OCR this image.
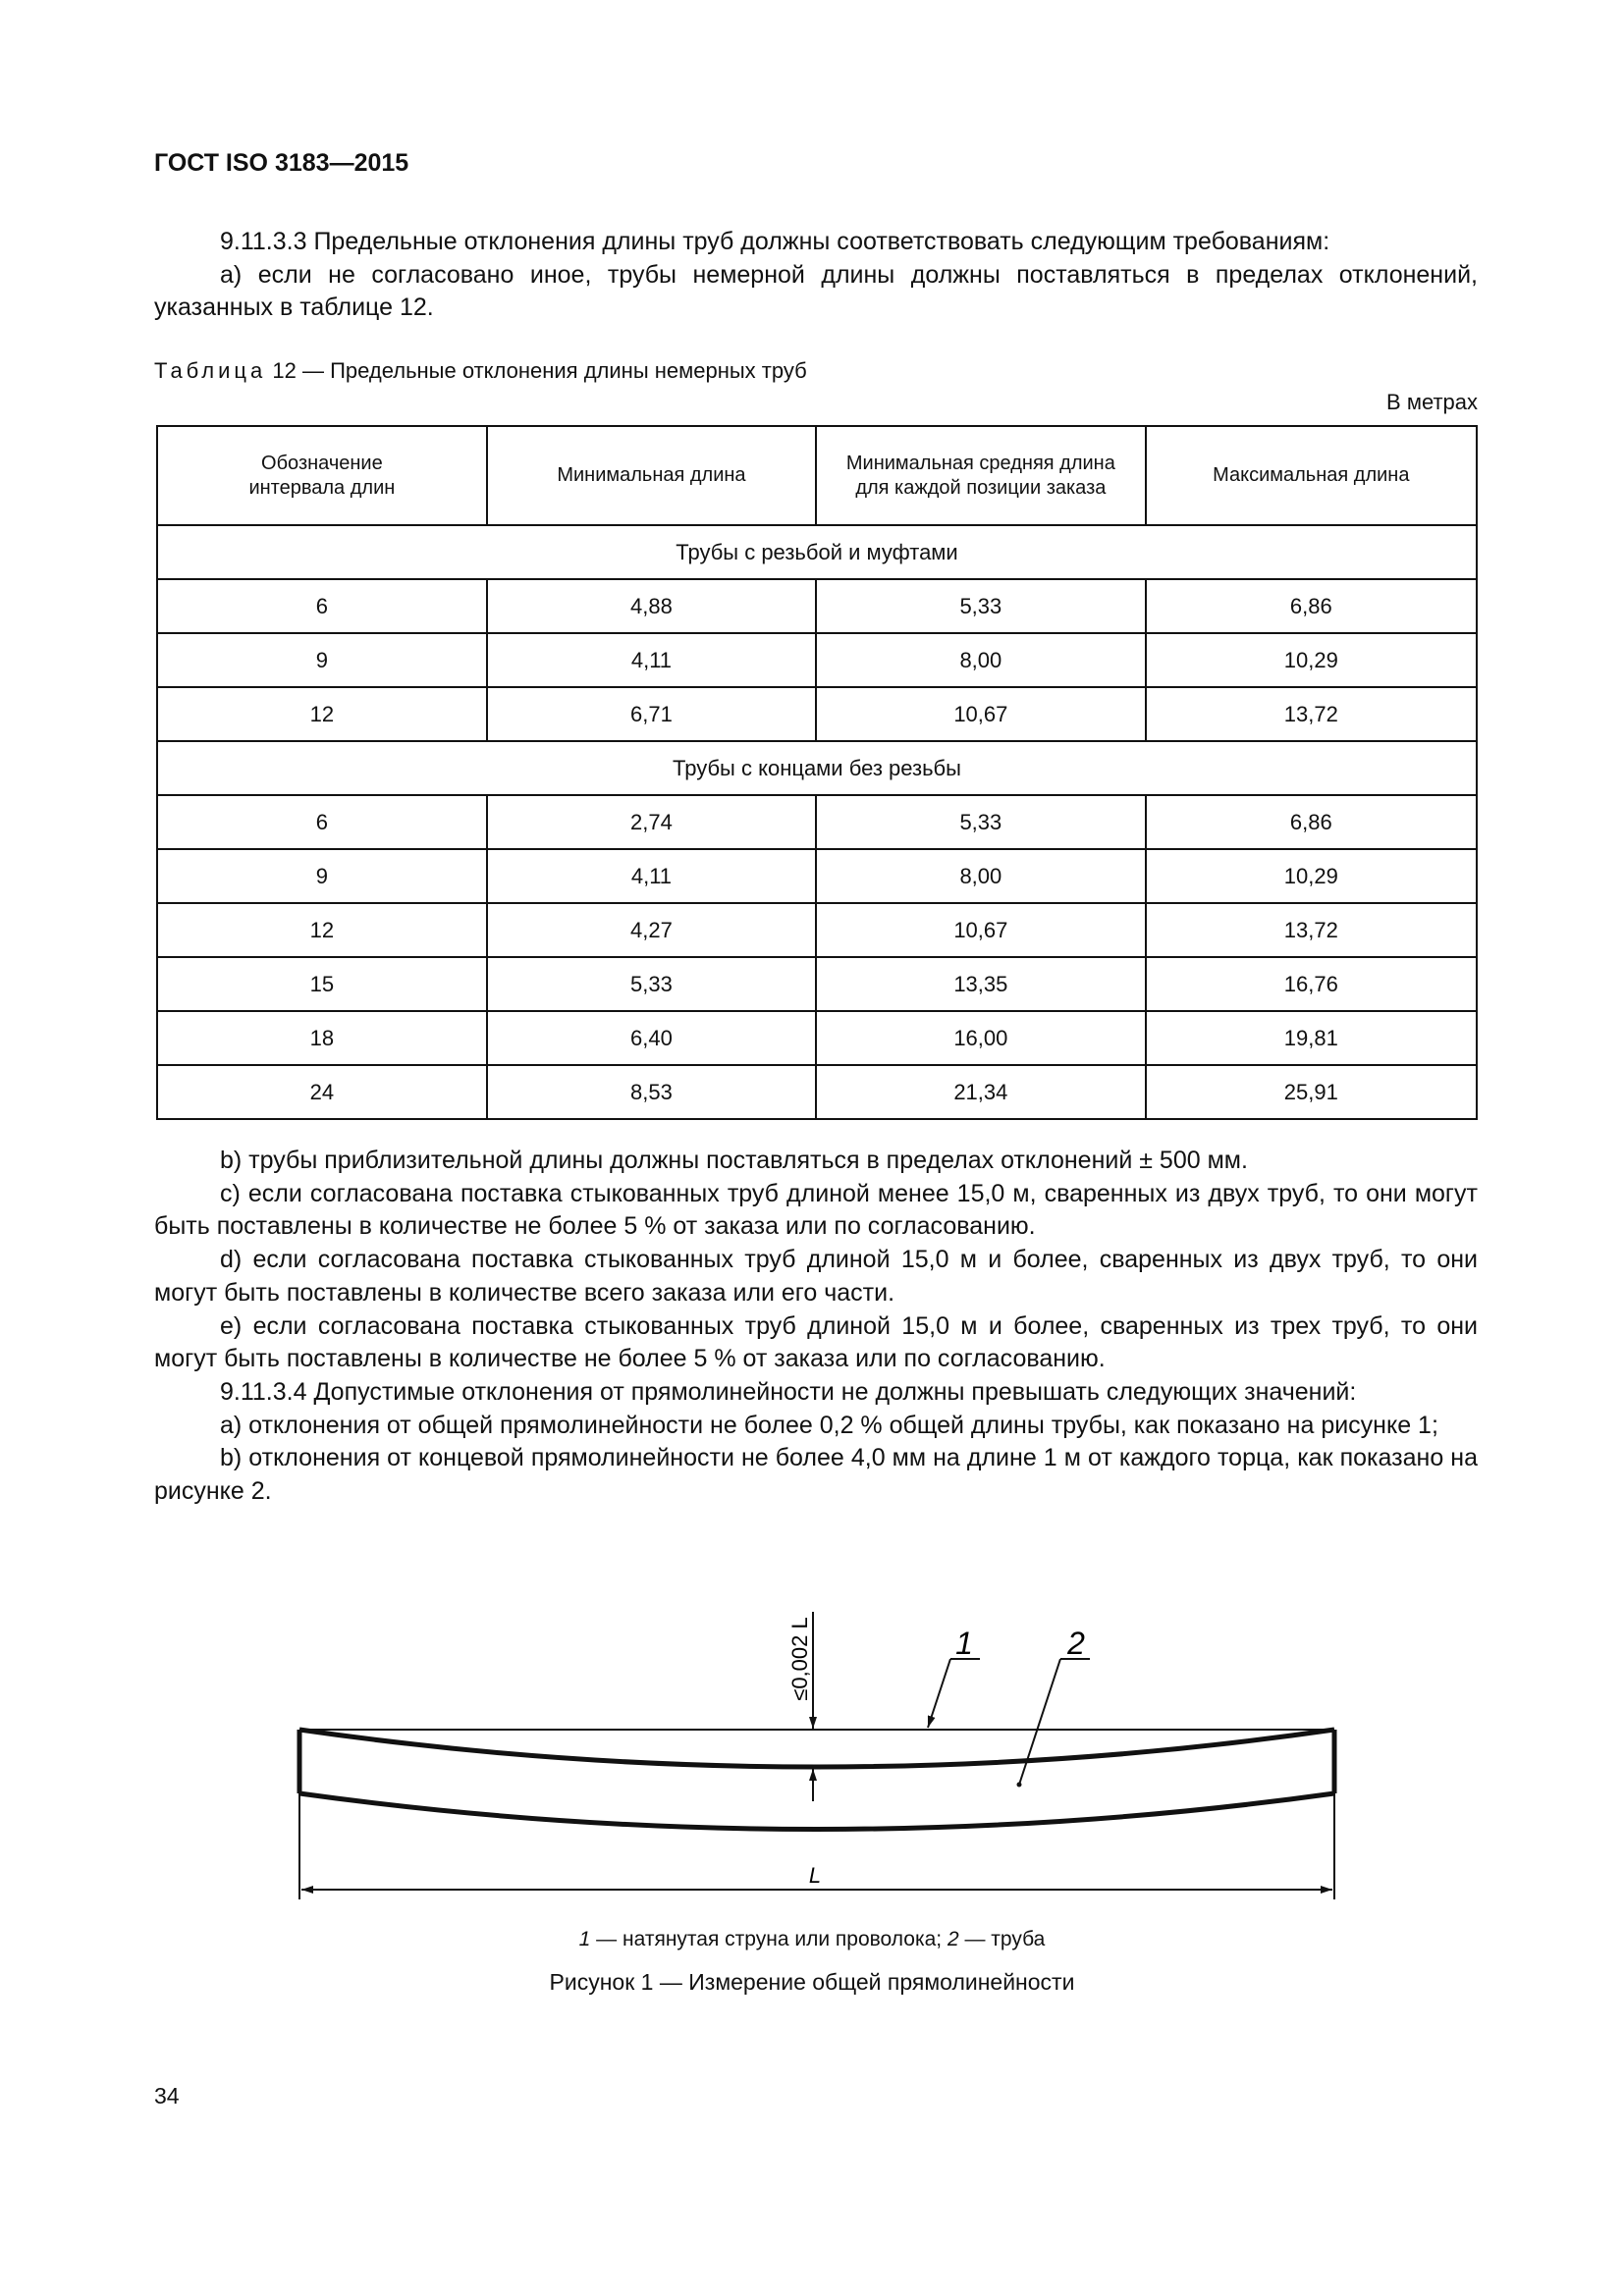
ГОСТ ISO 3183—2015

9.11.3.3 Предельные отклонения длины труб должны соответствовать следующим требованиям:

a) если не согласовано иное, трубы немерной длины должны поставляться в пределах отклонений, указанных в таблице 12.

Таблица 12 — Предельные отклонения длины немерных труб
В метрах
Обозначение интервала длин	Минимальная длина	Минимальная средняя длина для каждой позиции заказа	Максимальная длина
Трубы с резьбой и муфтами			
6	4,88	5,33	6,86
9	4,11	8,00	10,29
12	6,71	10,67	13,72
Трубы с концами без резьбы			
6	2,74	5,33	6,86
9	4,11	8,00	10,29
12	4,27	10,67	13,72
15	5,33	13,35	16,76
18	6,40	16,00	19,81
24	8,53	21,34	25,91

b) трубы приблизительной длины должны поставляться в пределах отклонений ± 500 мм.

c) если согласована поставка стыкованных труб длиной менее 15,0 м, сваренных из двух труб, то они могут быть поставлены в количестве не более 5 % от заказа или по согласованию.

d) если согласована поставка стыкованных труб длиной 15,0 м и более, сваренных из двух труб, то они могут быть поставлены в количестве всего заказа или его части.

e) если согласована поставка стыкованных труб длиной 15,0 м и более, сваренных из трех труб, то они могут быть поставлены в количестве не более 5 % от заказа или по согласованию.

9.11.3.4 Допустимые отклонения от прямолинейности не должны превышать следующих значений:

a) отклонения от общей прямолинейности не более 0,2 % общей длины трубы, как показано на рисунке 1;

b) отклонения от концевой прямолинейности не более 4,0 мм на длине 1 м от каждого торца, как показано на рисунке 2.

≤0,002 L	1	2
L
1 — натянутая струна или проволока; 2 — труба
Рисунок 1 — Измерение общей прямолинейности
34
